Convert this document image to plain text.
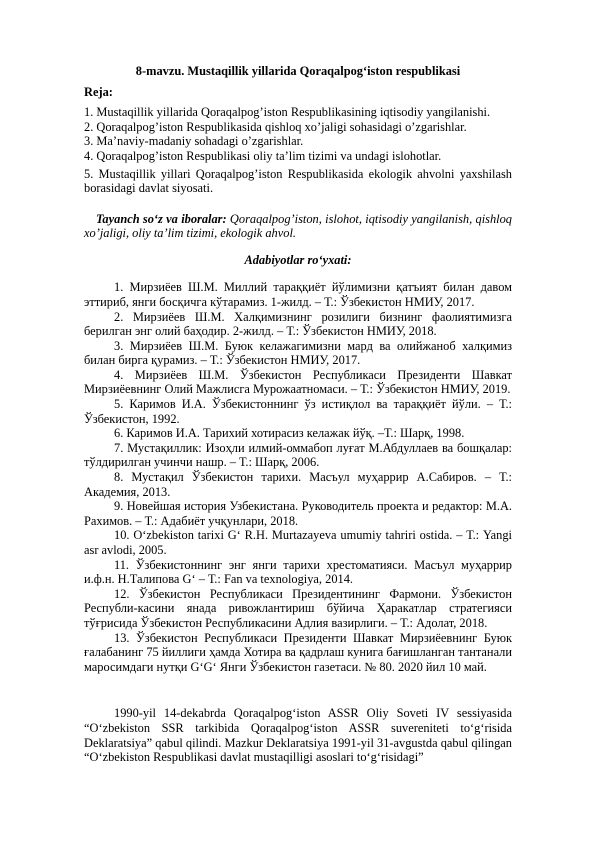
8-mavzu. Mustaqillik yillarida Qoraqalpog‘iston respublikasi

Reja:

1. Mustaqillik yillarida Qoraqalpog’iston Respublikasining iqtisodiy yangilanishi.

2. Qoraqalpog’iston Respublikasida qishloq xo’jaligi sohasidagi o’zgarishlar.

3. Ma’naviy-madaniy sohadagi o’zgarishlar.

4. Qoraqalpog’iston Respublikasi oliy ta’lim tizimi va undagi islohotlar.

5. Mustaqillik yillari Qoraqalpog’iston Respublikasida ekologik ahvolni yaxshilash borasidagi davlat siyosati.

Tayanch so‘z va iboralar: Qoraqalpog’iston, islohot, iqtisodiy yangilanish, qishloq xo’jaligi, oliy ta’lim tizimi, ekologik ahvol.

Adabiyotlar ro‘yxati:

1. Мирзиёев Ш.М. Миллий тараққиёт йўлимизни қатъият билан давом эттириб, янги босқичга кўтарамиз. 1-жилд. – Т.: Ўзбекистон НМИУ, 2017.

2. Мирзиёев Ш.М. Халқимизнинг розилиги бизнинг фаолиятимизга берилган энг олий баҳодир. 2-жилд. – Т.: Ўзбекистон НМИУ, 2018.

3. Мирзиёев Ш.М. Буюк келажагимизни мард ва олийжаноб халқимиз билан бирга қурамиз. – Т.: Ўзбекистон НМИУ, 2017.

4. Мирзиёев Ш.М. Ўзбекистон Республикаси Президенти Шавкат Мирзиёевнинг Олий Мажлисга Мурожаатномаси. – Т.: Ўзбекистон НМИУ, 2019.

5. Каримов И.А. Ўзбекистоннинг ўз истиқлол ва тараққиёт йўли. – Т.: Ўзбекистон, 1992.

6. Каримов И.А. Тарихий хотирасиз келажак йўқ. –Т.: Шарқ, 1998.

7. Мустақиллик: Изоҳли илмий-оммабоп луғат М.Абдуллаев ва бошқалар: тўлдирилган учинчи нашр. – Т.: Шарқ, 2006.

8. Мустақил Ўзбекистон тарихи. Масъул муҳаррир А.Сабиров. – Т.: Академия, 2013.

9. Новейшая история Узбекистана. Руководитель проекта и редактор: М.А. Рахимов. – Т.: Адабиёт учқунлари, 2018.

10. O‘zbekiston tarixi G‘ R.H. Murtazayeva umumiy tahriri ostida. – Т.: Yangi asr avlodi, 2005.

11. Ўзбекистоннинг энг янги тарихи хрестоматияси. Масъул муҳаррир и.ф.н. Н.Талипова G‘ – Т.: Fan va texnologiya, 2014.

12. Ўзбекистон Республикаси Президентининг Фармони. Ўзбекистон Республи-касини янада ривожлантириш бўйича Ҳаракатлар стратегияси тўғрисида Ўзбекистон Республикасини Адлия вазирлиги. – Т.: Адолат, 2018.

13. Ўзбекистон Республикаси Президенти Шавкат Мирзиёевнинг Буюк ғалабанинг 75 йиллиги ҳамда Хотира ва қадрлаш кунига бағишланган тантанали маросимдаги нутқи G‘G‘ Янги Ўзбекистон газетаси. № 80. 2020 йил 10 май.

1990-yil 14-dekabrda Qoraqalpog‘iston ASSR Oliy Soveti IV sessiyasida “O‘zbekiston SSR tarkibida Qoraqalpog‘iston ASSR suvereniteti to‘g‘risida Deklaratsiya” qabul qilindi. Mazkur Deklaratsiya 1991-yil 31-avgustda qabul qilingan “O‘zbekiston Respublikasi davlat mustaqilligi asoslari to‘g‘risidagi”
